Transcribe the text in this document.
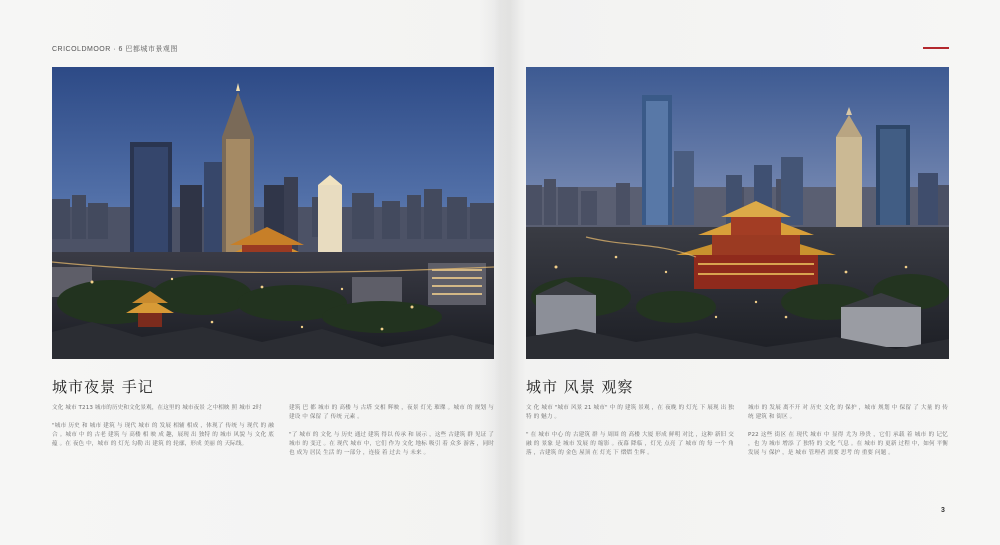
CRICOLDMOOR · 6 巴都城市景观图
城市夜景 手记	城市 风景 观察

文化 城市 T213 城市的历史和文化景观，在这里的 城市夜景 之中相映 照 城市 2时

"城市 历史 和 城市 建筑 与 现代 城市 的 发展 相辅 相成 ，体现了 传统 与 现代 的 融合 。城市 中 的 古老 建筑 与 高楼 相 映 成 趣，展现 出 独特 的 城市 风貌 与 文化 底蕴 。在 夜色 中，城市 的 灯光 勾勒 出 建筑 的 轮廓，形成 美丽 的 天际线。

建筑 巴 都 城市 的 高楼 与 古塔 交相 辉映 ，夜景 灯光 璀璨 。城市 的 规划 与 建设 中 保留 了 传统 元素 。

"了 城市 的 文化 与 历史 通过 建筑 得以 传承 和 展示 ，这些 古建筑 群 见证 了 城市 的 变迁 。在 现代 城市 中，它们 作为 文化 地标 吸引 着 众多 游客 ，同时 也 成为 居民 生活 的 一部分 ，连接 着 过去 与 未来 。

文 化 城市 "城市 风景 21 城市" 中 的 建筑 景观 ，在 夜晚 的 灯光 下 展现 出 独特 的 魅力 。

" 在 城市 中心 的 古建筑 群 与 周围 的 高楼 大厦 形成 鲜明 对比 ，这种 新旧 交融 的 景象 是 城市 发展 的 缩影 。夜幕 降临 ，灯光 点亮 了 城市 的 每 一个 角落 ，古建筑 的 金色 屋顶 在 灯光 下 熠熠 生辉 。

城市 的 发展 离不开 对 历史 文化 的 保护 ，城市 规划 中 保留 了 大量 的 传统 建筑 和 街区 。

P22 这些 街区 在 现代 城市 中 显得 尤为 珍贵 ，它们 承载 着 城市 的 记忆 ，也 为 城市 增添 了 独特 的 文化 气息 。在 城市 的 更新 过程 中，如何 平衡 发展 与 保护 ，是 城市 管理者 需要 思考 的 重要 问题 。

3
